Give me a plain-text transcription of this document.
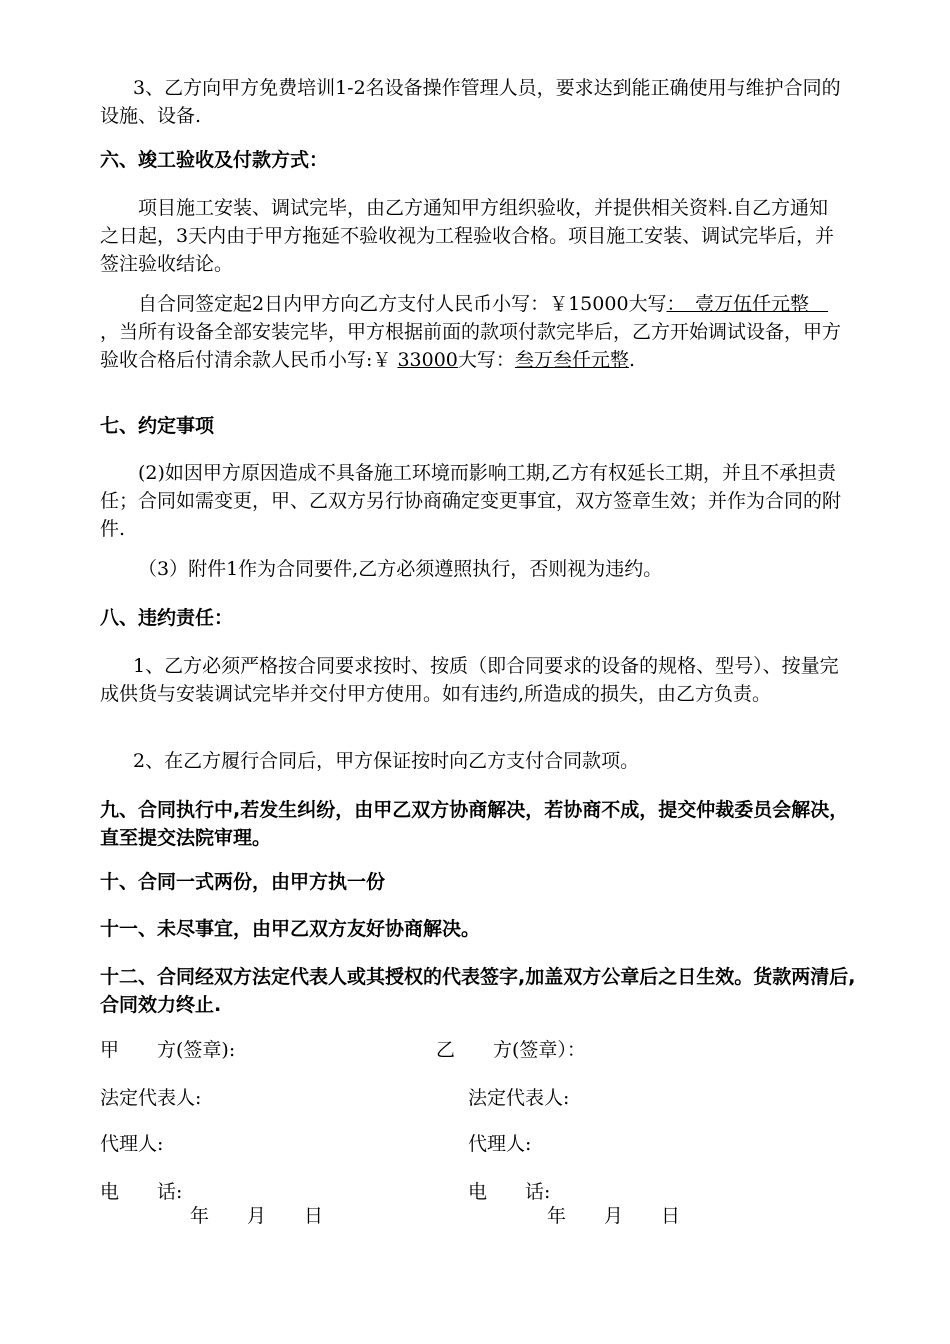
3、乙方向甲方免费培训1-2名设备操作管理人员，要求达到能正确使用与维护合同的设施、设备.

六、竣工验收及付款方式：

项目施工安装、调试完毕，由乙方通知甲方组织验收，并提供相关资料.自乙方通知之日起，3天内由于甲方拖延不验收视为工程验收合格。项目施工安装、调试完毕后，并签注验收结论。

自合同签定起2日内甲方向乙方支付人民币小写：￥15000大写：　壹万伍仟元整　，当所有设备全部安装完毕，甲方根据前面的款项付款完毕后，乙方开始调试设备，甲方验收合格后付清余款人民币小写:￥ 33000大写：叁万叁仟元整.

七、约定事项

(2)如因甲方原因造成不具备施工环境而影响工期,乙方有权延长工期，并且不承担责任；合同如需变更，甲、乙双方另行协商确定变更事宜，双方签章生效；并作为合同的附件.

（3）附件1作为合同要件,乙方必须遵照执行，否则视为违约。

八、违约责任：

1、乙方必须严格按合同要求按时、按质（即合同要求的设备的规格、型号）、按量完成供货与安装调试完毕并交付甲方使用。如有违约,所造成的损失，由乙方负责。

2、在乙方履行合同后，甲方保证按时向乙方支付合同款项。

九、合同执行中,若发生纠纷，由甲乙双方协商解决，若协商不成，提交仲裁委员会解决，直至提交法院审理。

十、合同一式两份，由甲方执一份

十一、未尽事宜，由甲乙双方友好协商解决。

十二、合同经双方法定代表人或其授权的代表签字,加盖双方公章后之日生效。货款两清后,合同效力终止.

甲　　方(签章):	乙　　方(签章）：

法定代表人:	法定代表人:

代理人:	代理人:

电　　话:	电　　话:

年　　月　　日	年　　月　　日
